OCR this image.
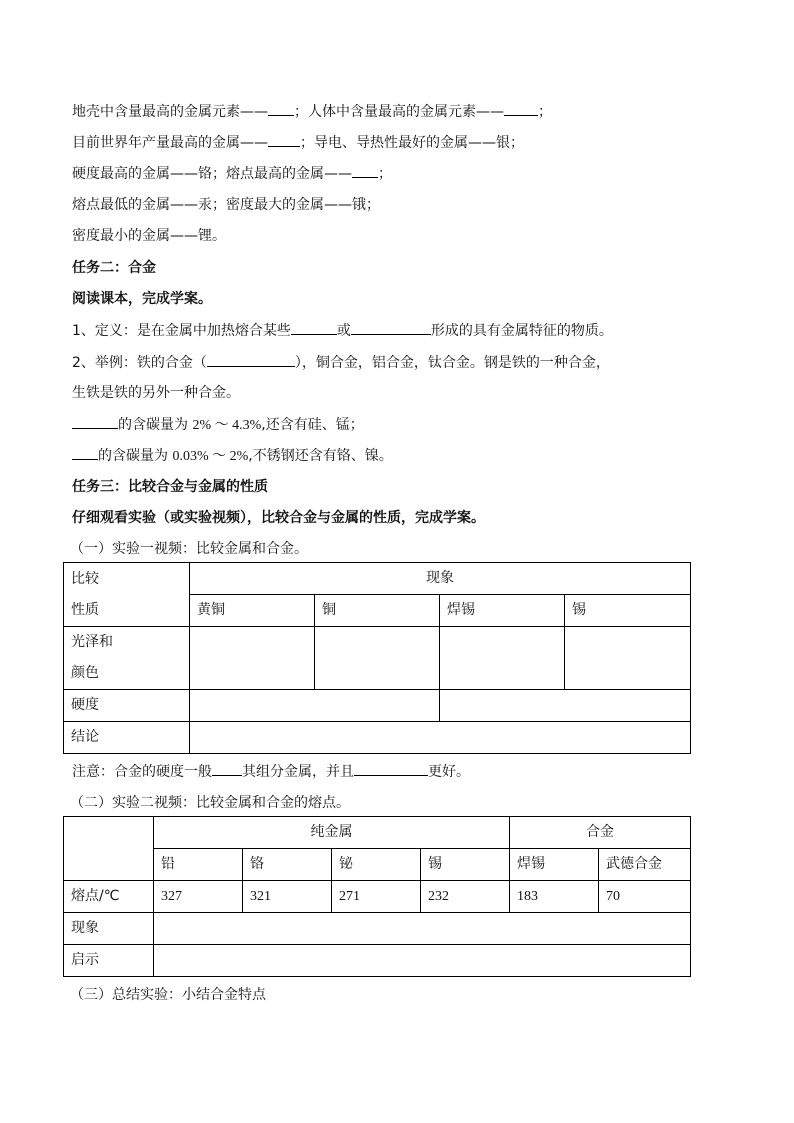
地壳中含量最高的金属元素—— ；人体中含量最高的金属元素—— ；
目前世界年产量最高的金属—— ；导电、导热性最好的金属——银；
硬度最高的金属——铬；熔点最高的金属—— ；
熔点最低的金属——汞；密度最大的金属——锇；
密度最小的金属——锂。
任务二：合金
阅读课本，完成学案。
1、定义：是在金属中加热熔合某些	或	形成的具有金属特征的物质。
2、举例：铁的合金（	），铜合金，铝合金，钛合金。钢是铁的一种合金，
生铁是铁的另外一种合金。
的含碳量为 2% ～ 4.3%,还含有硅、锰；
的含碳量为 0.03% ～ 2%,不锈钢还含有铬、镍。
任务三：比较合金与金属的性质
仔细观看实验（或实验视频），比较合金与金属的性质，完成学案。
（一）实验一视频：比较金属和合金。
比较
性质	现象			
	黄铜	铜	焊锡	锡

光泽和
颜色				

硬度				
结论				
注意：合金的硬度一般 其组分金属，并且	更好。
（二）实验二视频：比较金属和合金的熔点。
	纯金属				合金	
	铅	铬	铋	锡	焊锡	武德合金
熔点/℃	327	321	271	232	183	70
现象						
启示						
（三）总结实验：小结合金特点
